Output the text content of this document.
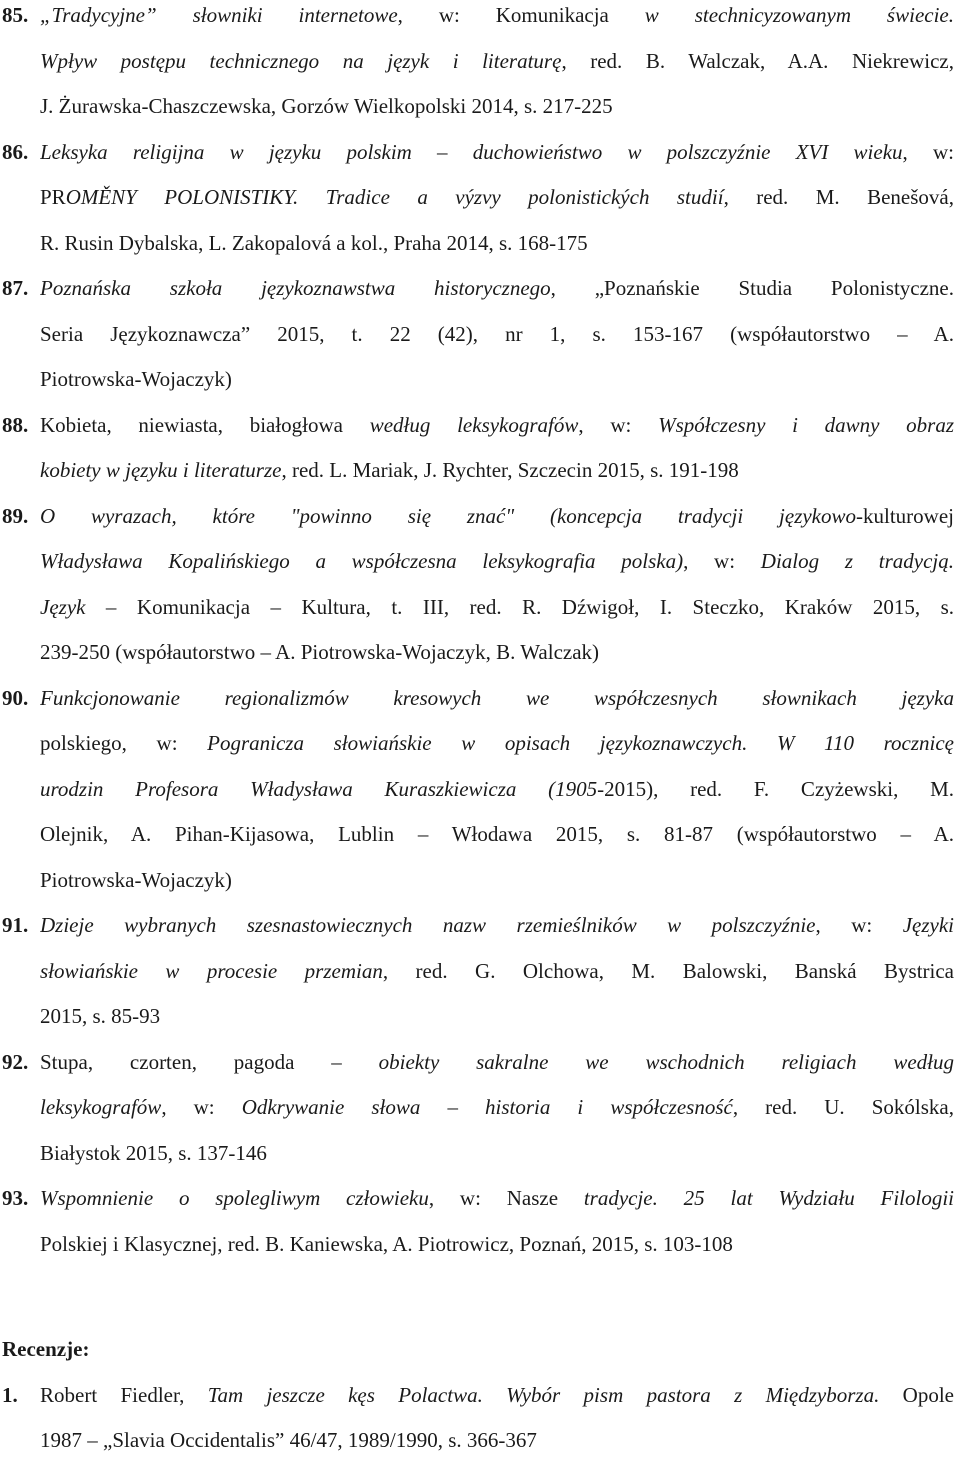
85. „Tradycyjne” słowniki internetowe, w: Komunikacja w stechnicyzowanym świecie.
Wpływ postępu technicznego na język i literaturę, red. B. Walczak, A.A. Niekrewicz,
J. Żurawska-Chaszczewska, Gorzów Wielkopolski 2014, s. 217-225
86. Leksyka religijna w języku polskim – duchowieństwo w polszczyźnie XVI wieku, w:
PROMĚNY POLONISTIKY. Tradice a výzvy polonistických studií, red. M. Benešová,
R. Rusin Dybalska, L. Zakopalová a kol., Praha 2014, s. 168-175
87. Poznańska szkoła językoznawstwa historycznego, „Poznańskie Studia Polonistyczne.
Seria Językoznawcza” 2015, t. 22 (42), nr 1, s. 153-167 (współautorstwo – A.
Piotrowska-Wojaczyk)
88. Kobieta, niewiasta, białogłowa według leksykografów, w: Współczesny i dawny obraz
kobiety w języku i literaturze, red. L. Mariak, J. Rychter, Szczecin 2015, s. 191-198
89. O wyrazach, które "powinno się znać" (koncepcja tradycji językowo-kulturowej
Władysława Kopalińskiego a współczesna leksykografia polska), w: Dialog z tradycją.
Język – Komunikacja – Kultura, t. III, red. R. Dźwigoł, I. Steczko, Kraków 2015, s.
239-250 (współautorstwo – A. Piotrowska-Wojaczyk, B. Walczak)
90. Funkcjonowanie regionalizmów kresowych we współczesnych słownikach języka
polskiego, w: Pogranicza słowiańskie w opisach językoznawczych. W 110 rocznicę
urodzin Profesora Władysława Kuraszkiewicza (1905-2015), red. F. Czyżewski, M.
Olejnik, A. Pihan-Kijasowa, Lublin – Włodawa 2015, s. 81-87 (współautorstwo – A.
Piotrowska-Wojaczyk)
91. Dzieje wybranych szesnastowiecznych nazw rzemieślników w polszczyźnie, w: Języki
słowiańskie w procesie przemian, red. G. Olchowa, M. Balowski, Banská Bystrica
2015, s. 85-93
92. Stupa, czorten, pagoda – obiekty sakralne we wschodnich religiach według
leksykografów, w: Odkrywanie słowa – historia i współczesność, red. U. Sokólska,
Białystok 2015, s. 137-146
93. Wspomnienie o spolegliwym człowieku, w: Nasze tradycje. 25 lat Wydziału Filologii
Polskiej i Klasycznej, red. B. Kaniewska, A. Piotrowicz, Poznań, 2015, s. 103-108
Recenzje:
1. Robert Fiedler, Tam jeszcze kęs Polactwa. Wybór pism pastora z Międzyborza. Opole
1987 – „Slavia Occidentalis” 46/47, 1989/1990, s. 366-367
